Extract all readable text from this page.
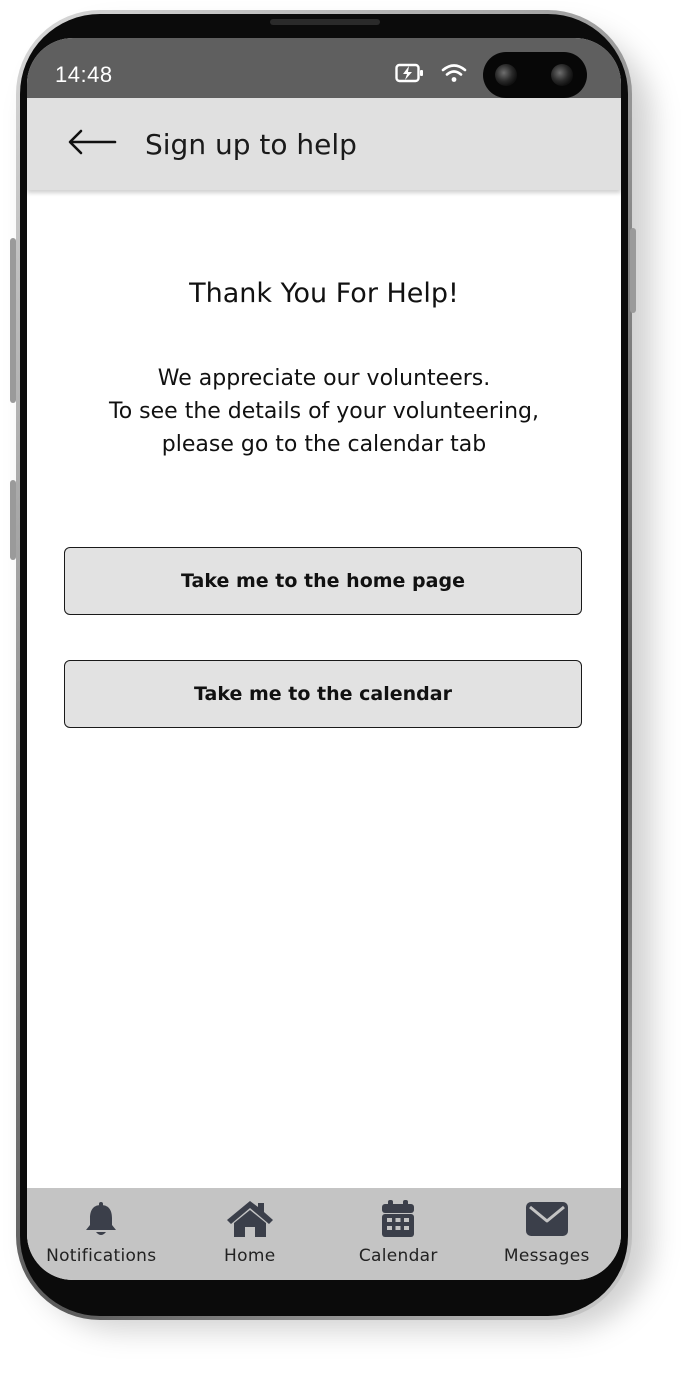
14:48
Sign up to help
Thank You For Help!

We appreciate our volunteers.
To see the details of your volunteering,
please go to the calendar tab

Take me to the home page
Take me to the calendar
Notifications	Home	Calendar	Messages
